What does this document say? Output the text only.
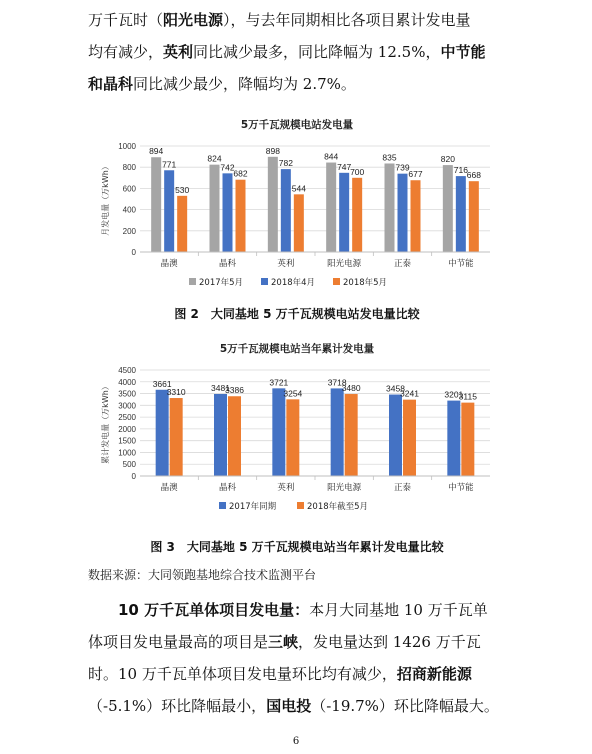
万千瓦时（阳光电源），与去年同期相比各项目累计发电量
均有减少，英利同比减少最多，同比降幅为 12.5%，中节能
和晶科同比减少最少，降幅均为 2.7%。
5万千瓦规模电站发电量
0
200
400
600
800
1000
月发电量（万kWh）
894
771
530
晶澳
824
742
682
晶科
898
782
544
英利
844
747
700
阳光电源
835
739
677
正泰
820
716
668
中节能
2017年5月	2018年4月	2018年5月
图 2　大同基地 5 万千瓦规模电站发电量比较
5万千瓦规模电站当年累计发电量
0
500
1000
1500
2000
2500
3000
3500
4000
4500
累计发电量（万kWh）	3661
3310
晶澳
3481
3386
晶科
3721
3254
英利
3718
3480
阳光电源
3458
3241
正泰
3201
3115
中节能
2017年同期	2018年截至5月
图 3　大同基地 5 万千瓦规模电站当年累计发电量比较
数据来源：大同领跑基地综合技术监测平台
10 万千瓦单体项目发电量：本月大同基地 10 万千瓦单
体项目发电量最高的项目是三峡，发电量达到 1426 万千瓦
时。10 万千瓦单体项目发电量环比均有减少，招商新能源
（-5.1%）环比降幅最小，国电投（-19.7%）环比降幅最大。
6
